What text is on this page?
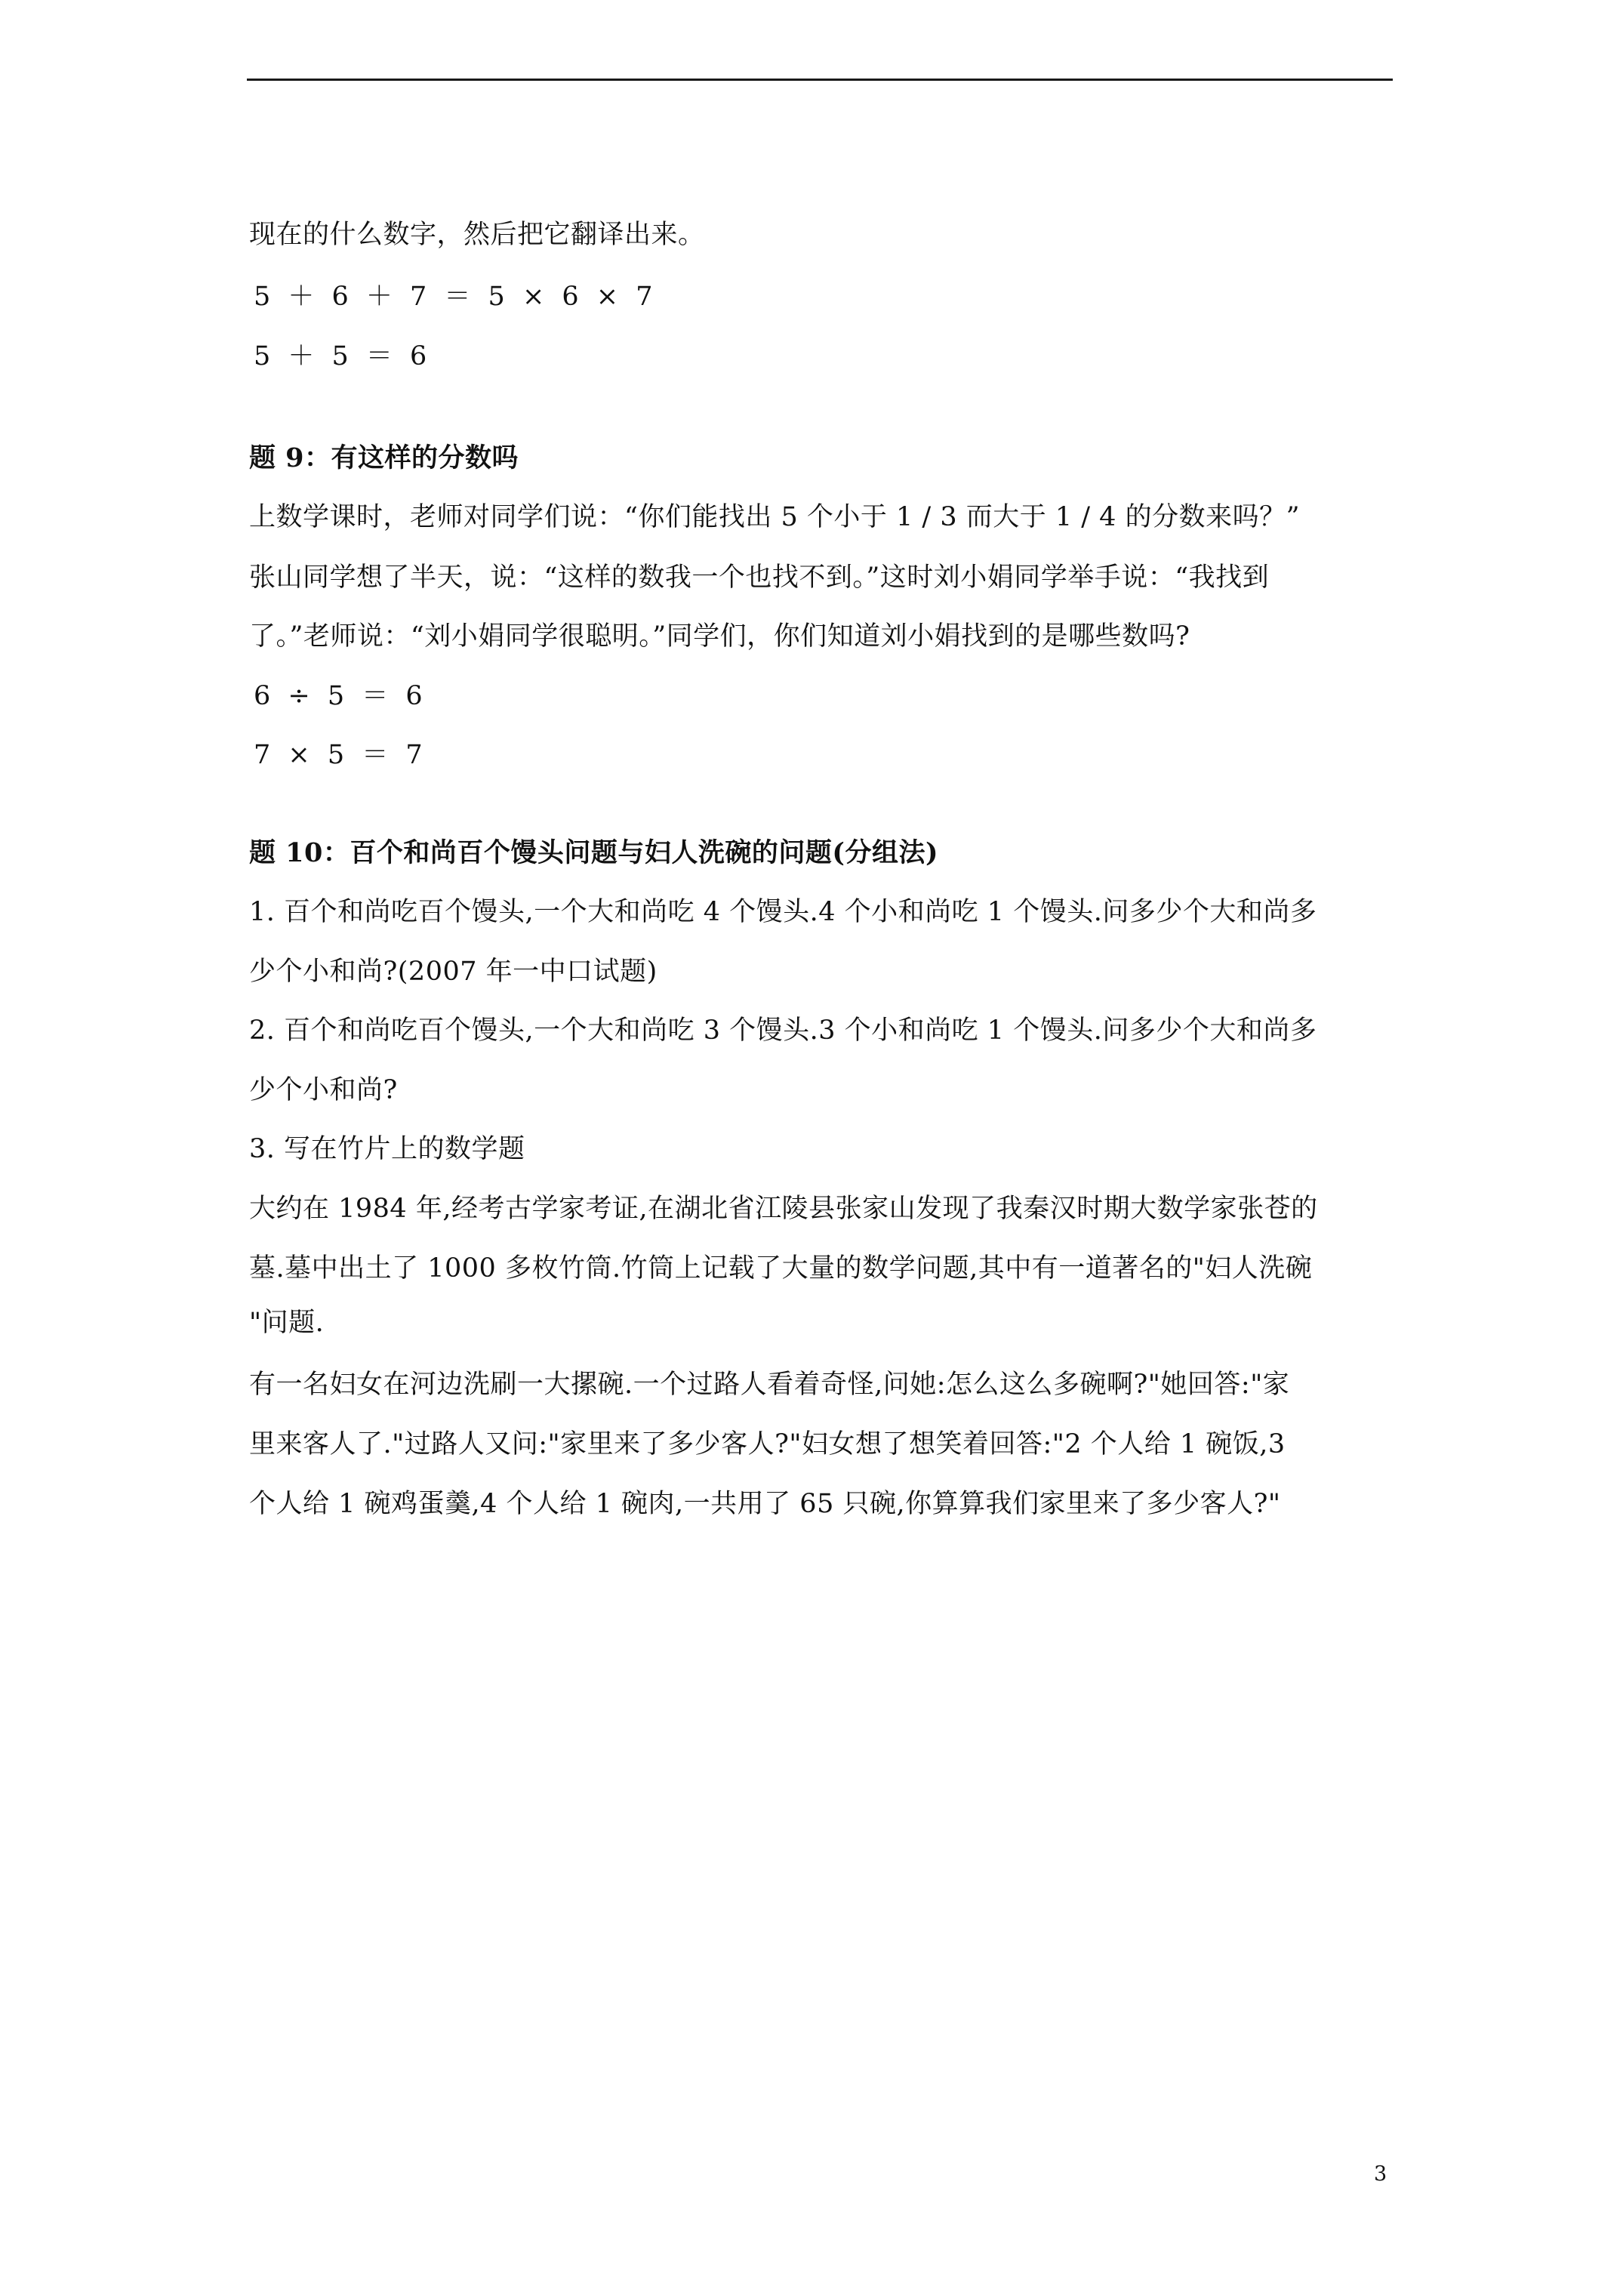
现在的什么数字，然后把它翻译出来。
5 ＋ 6 ＋ 7 ＝ 5 × 6 × 7
5 ＋ 5 ＝ 6
题 9：有这样的分数吗
上数学课时，老师对同学们说：“你们能找出 5 个小于 1 / 3 而大于 1 / 4 的分数来吗？”
张山同学想了半天，说：“这样的数我一个也找不到。”这时刘小娟同学举手说：“我找到
了。”老师说：“刘小娟同学很聪明。”同学们，你们知道刘小娟找到的是哪些数吗?
6 ÷ 5 ＝ 6
7 × 5 ＝ 7
题 10：百个和尚百个馒头问题与妇人洗碗的问题(分组法)
1. 百个和尚吃百个馒头,一个大和尚吃 4 个馒头.4 个小和尚吃 1 个馒头.问多少个大和尚多
少个小和尚?(2007 年一中口试题)
2. 百个和尚吃百个馒头,一个大和尚吃 3 个馒头.3 个小和尚吃 1 个馒头.问多少个大和尚多
少个小和尚?
3. 写在竹片上的数学题
大约在 1984 年,经考古学家考证,在湖北省江陵县张家山发现了我秦汉时期大数学家张苍的
墓.墓中出土了 1000 多枚竹筒.竹筒上记载了大量的数学问题,其中有一道著名的"妇人洗碗
"问题.
有一名妇女在河边洗刷一大摞碗.一个过路人看着奇怪,问她:怎么这么多碗啊?"她回答:"家
里来客人了."过路人又问:"家里来了多少客人?"妇女想了想笑着回答:"2 个人给 1 碗饭,3
个人给 1 碗鸡蛋羹,4 个人给 1 碗肉,一共用了 65 只碗,你算算我们家里来了多少客人?"
3
